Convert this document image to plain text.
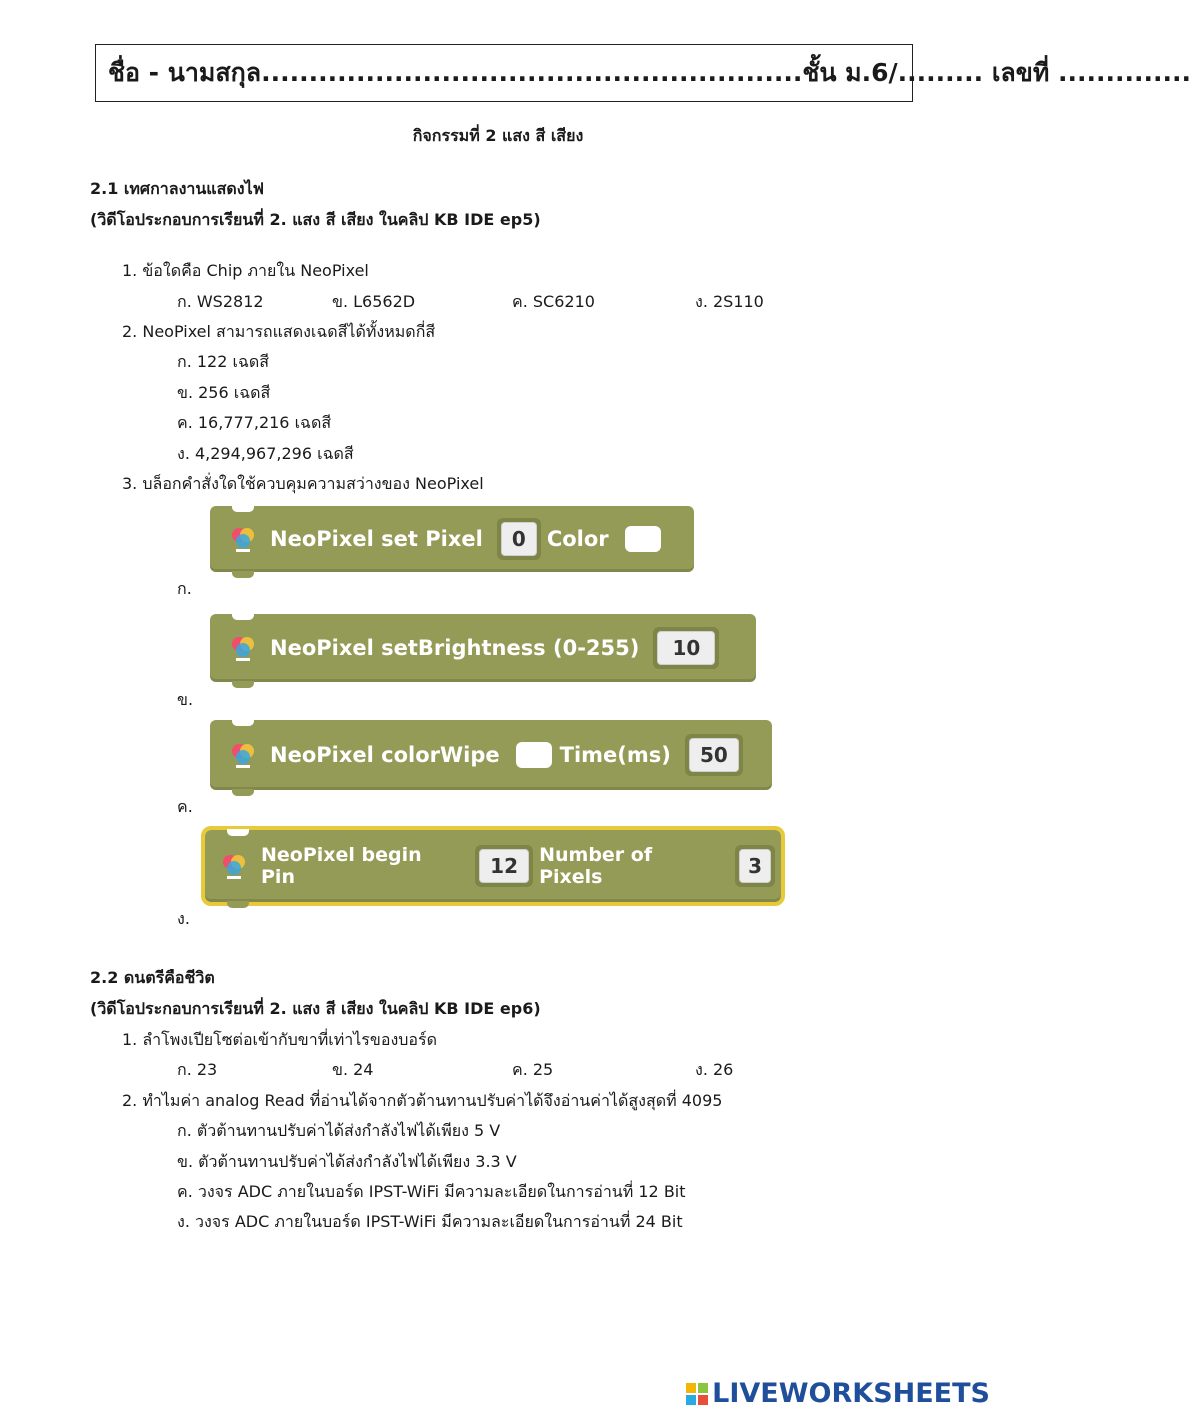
ชื่อ - นามสกุล.........................................................ชั้น ม.6/......... เลขที่ ..............
กิจกรรมที่ 2 แสง สี เสียง
2.1 เทศกาลงานแสดงไฟ
(วิดีโอประกอบการเรียนที่ 2. แสง สี เสียง ในคลิป KB IDE ep5)
1. ข้อใดคือ Chip ภายใน NeoPixel
ก. WS2812	ข. L6562D	ค. SC6210	ง. 2S110
2. NeoPixel สามารถแสดงเฉดสีได้ทั้งหมดกี่สี
ก. 122 เฉดสี
ข. 256 เฉดสี
ค. 16,777,216 เฉดสี
ง. 4,294,967,296 เฉดสี
3. บล็อกคำสั่งใดใช้ควบคุมความสว่างของ NeoPixel
NeoPixel set Pixel	0	Color
ก.
NeoPixel setBrightness (0-255)	10
ข.
NeoPixel colorWipe	Time(ms)	50
ค.
NeoPixel begin Pin	12	Number of Pixels	3
ง.
2.2 ดนตรีคือชีวิต
(วิดีโอประกอบการเรียนที่ 2. แสง สี เสียง ในคลิป KB IDE ep6)
1. ลำโพงเปียโซต่อเข้ากับขาที่เท่าไรของบอร์ด
ก. 23	ข. 24	ค. 25	ง. 26
2. ทำไมค่า analog Read ที่อ่านได้จากตัวต้านทานปรับค่าได้จึงอ่านค่าได้สูงสุดที่ 4095
ก. ตัวต้านทานปรับค่าได้ส่งกำลังไฟได้เพียง 5 V
ข. ตัวต้านทานปรับค่าได้ส่งกำลังไฟได้เพียง 3.3 V
ค. วงจร ADC ภายในบอร์ด IPST-WiFi มีความละเอียดในการอ่านที่ 12 Bit
ง. วงจร ADC ภายในบอร์ด IPST-WiFi มีความละเอียดในการอ่านที่ 24 Bit
LIVEWORKSHEETS
